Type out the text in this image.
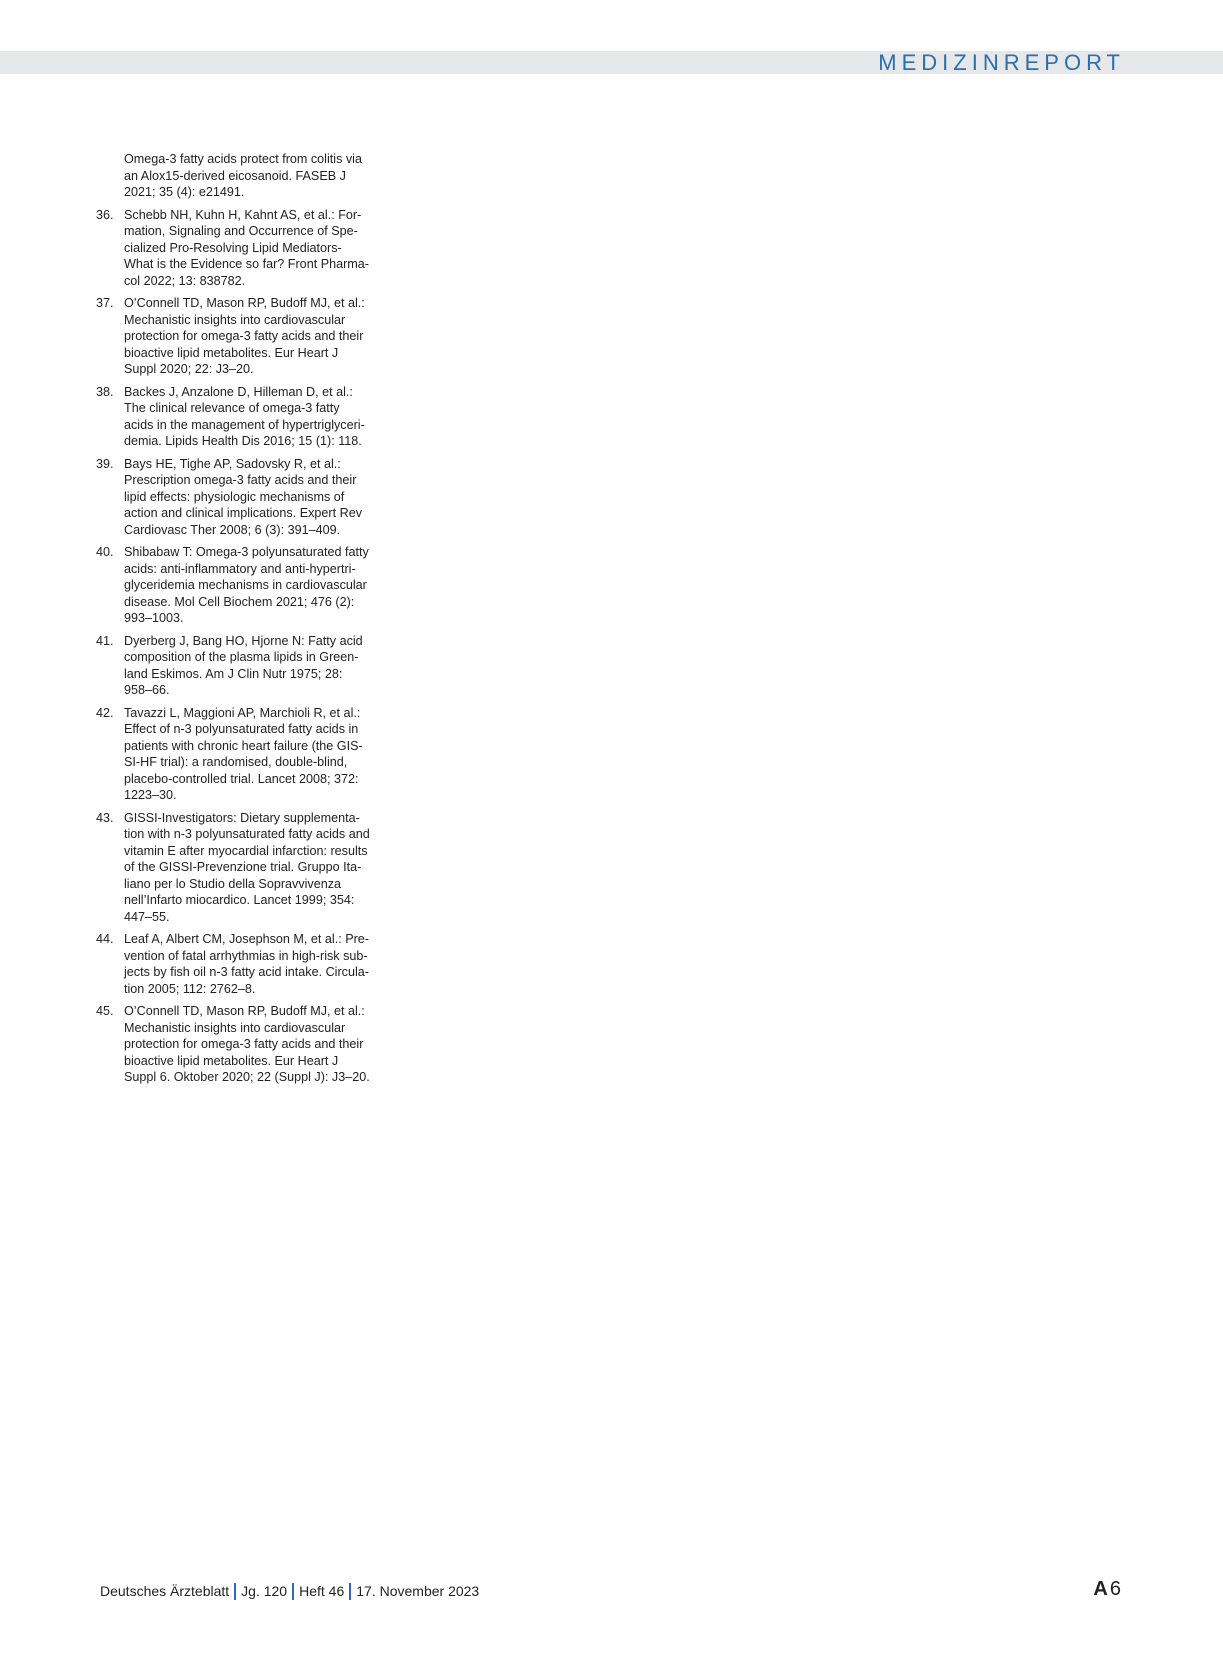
MEDIZINREPORT
Omega-3 fatty acids protect from colitis via
an Alox15-derived eicosanoid. FASEB J
2021; 35 (4): e21491.
36. Schebb NH, Kuhn H, Kahnt AS, et al.: For-
mation, Signaling and Occurrence of Spe-
cialized Pro-Resolving Lipid Mediators-
What is the Evidence so far? Front Pharma-
col 2022; 13: 838782.
37. O’Connell TD, Mason RP, Budoff MJ, et al.:
Mechanistic insights into cardiovascular
protection for omega-3 fatty acids and their
bioactive lipid metabolites. Eur Heart J
Suppl 2020; 22: J3–20.
38. Backes J, Anzalone D, Hilleman D, et al.:
The clinical relevance of omega-3 fatty
acids in the management of hypertriglyceri-
demia. Lipids Health Dis 2016; 15 (1): 118.
39. Bays HE, Tighe AP, Sadovsky R, et al.:
Prescription omega-3 fatty acids and their
lipid effects: physiologic mechanisms of
action and clinical implications. Expert Rev
Cardiovasc Ther 2008; 6 (3): 391–409.
40. Shibabaw T: Omega-3 polyunsaturated fatty
acids: anti-inflammatory and anti-hypertri-
glyceridemia mechanisms in cardiovascular
disease. Mol Cell Biochem 2021; 476 (2):
993–1003.
41. Dyerberg J, Bang HO, Hjorne N: Fatty acid
composition of the plasma lipids in Green-
land Eskimos. Am J Clin Nutr 1975; 28:
958–66.
42. Tavazzi L, Maggioni AP, Marchioli R, et al.:
Effect of n-3 polyunsaturated fatty acids in
patients with chronic heart failure (the GIS-
SI-HF trial): a randomised, double-blind,
placebo-controlled trial. Lancet 2008; 372:
1223–30.
43. GISSI-Investigators: Dietary supplementa-
tion with n-3 polyunsaturated fatty acids and
vitamin E after myocardial infarction: results
of the GISSI-Prevenzione trial. Gruppo Ita-
liano per lo Studio della Sopravvivenza
nell’Infarto miocardico. Lancet 1999; 354:
447–55.
44. Leaf A, Albert CM, Josephson M, et al.: Pre-
vention of fatal arrhythmias in high-risk sub-
jects by fish oil n-3 fatty acid intake. Circula-
tion 2005; 112: 2762–8.
45. O’Connell TD, Mason RP, Budoff MJ, et al.:
Mechanistic insights into cardiovascular
protection for omega-3 fatty acids and their
bioactive lipid metabolites. Eur Heart J
Suppl 6. Oktober 2020; 22 (Suppl J): J3–20.
Deutsches Ärzteblatt Jg. 120 Heft 46 17. November 2023	A 6
